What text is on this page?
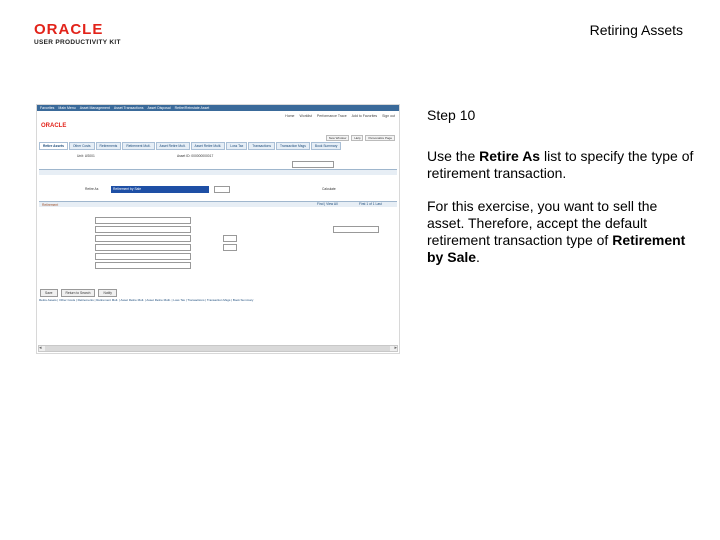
ORACLE
USER PRODUCTIVITY KIT
Retiring Assets
Favorites Main Menu Asset Management Asset Transactions Asset Disposal Retire/Reinstate Asset
Home Worklist Performance Trace Add to Favorites Sign out
ORACLE
New Window	Help	Personalize Page
Retire Assets	Other Costs	Retirements	Retirement Mult.	Asset Retire Mult.	Asset Retire Multi.	Loss Tax	Transactions	Transaction Msgs	Book Summary
Unit: US001	Asset ID: 000000000017
Retire As	Retirement by Sale	Calculate
Retirement	Find | View All	First 1 of 1 Last
Save	Return to Search	Notify
Retire Assets | Other Costs | Retirements | Retirement Mult. | Asset Retire Mult. | Asset Retire Multi. | Loss Tax | Transactions | Transaction Msgs | Book Summary
◂	▸
Step 10
Use the Retire As list to specify the type of retirement transaction.
For this exercise, you want to sell the asset. Therefore, accept the default retirement transaction type of Retirement by Sale.
